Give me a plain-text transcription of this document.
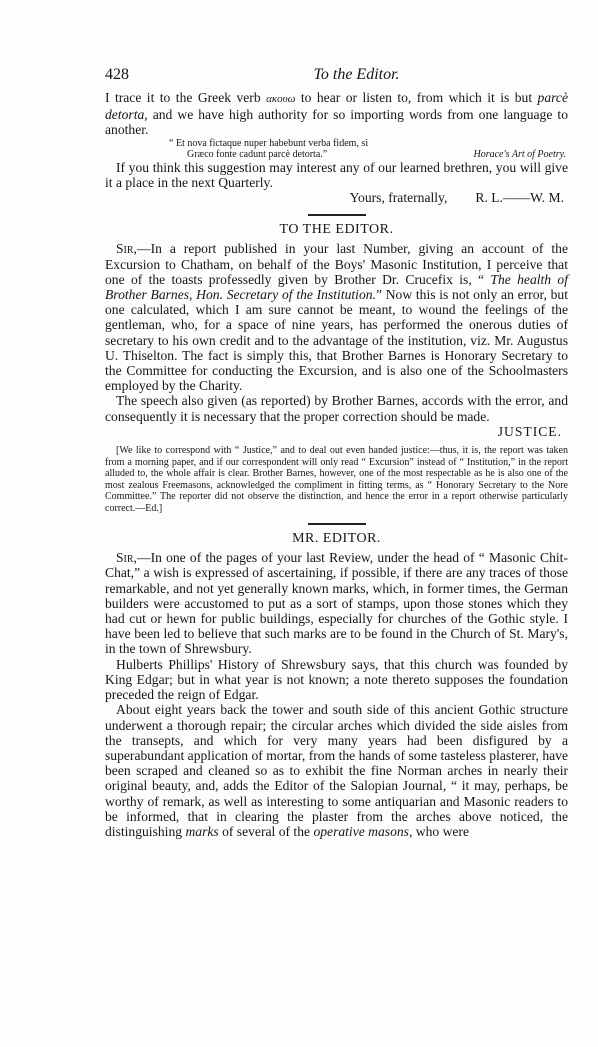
428	To the Editor.

I trace it to the Greek verb ακουω to hear or listen to, from which it is but parcè detorta, and we have high authority for so importing words from one language to another.

“ Et nova fictaque nuper habebunt verba fidem, si
Græco fonte cadunt parcè detorta.”	Horace's Art of Poetry.

If you think this suggestion may interest any of our learned brethren, you will give it a place in the next Quarterly.

Yours, fraternally, R. L.——W. M.
TO THE EDITOR.

Sir,—In a report published in your last Number, giving an account of the Excursion to Chatham, on behalf of the Boys' Masonic Institution, I perceive that one of the toasts professedly given by Brother Dr. Crucefix is, “ The health of Brother Barnes, Hon. Secretary of the Institution.” Now this is not only an error, but one calculated, which I am sure cannot be meant, to wound the feelings of the gentleman, who, for a space of nine years, has performed the onerous duties of secretary to his own credit and to the advantage of the institution, viz. Mr. Augustus U. Thiselton. The fact is simply this, that Brother Barnes is Honorary Secretary to the Committee for conducting the Excursion, and is also one of the Schoolmasters employed by the Charity.

The speech also given (as reported) by Brother Barnes, accords with the error, and consequently it is necessary that the proper correction should be made.

JUSTICE.

[We like to correspond with “ Justice,” and to deal out even handed justice:—thus, it is, the report was taken from a morning paper, and if our correspondent will only read “ Excursion” instead of “ Institution,” in the report alluded to, the whole affair is clear. Brother Barnes, however, one of the most respectable as he is also one of the most zealous Freemasons, acknowledged the compliment in fitting terms, as “ Honorary Secretary to the Nore Committee.” The reporter did not observe the distinction, and hence the error in a report otherwise particularly correct.—Ed.]

MR. EDITOR.

Sir,—In one of the pages of your last Review, under the head of “ Masonic Chit-Chat,” a wish is expressed of ascertaining, if possible, if there are any traces of those remarkable, and not yet generally known marks, which, in former times, the German builders were accustomed to put as a sort of stamps, upon those stones which they had cut or hewn for public buildings, especially for churches of the Gothic style. I have been led to believe that such marks are to be found in the Church of St. Mary's, in the town of Shrewsbury.

Hulberts Phillips' History of Shrewsbury says, that this church was founded by King Edgar; but in what year is not known; a note thereto supposes the foundation preceded the reign of Edgar.

About eight years back the tower and south side of this ancient Gothic structure underwent a thorough repair; the circular arches which divided the side aisles from the transepts, and which for very many years had been disfigured by a superabundant application of mortar, from the hands of some tasteless plasterer, have been scraped and cleaned so as to exhibit the fine Norman arches in nearly their original beauty, and, adds the Editor of the Salopian Journal, “ it may, perhaps, be worthy of remark, as well as interesting to some antiquarian and Masonic readers to be informed, that in clearing the plaster from the arches above noticed, the distinguishing marks of several of the operative masons, who were
